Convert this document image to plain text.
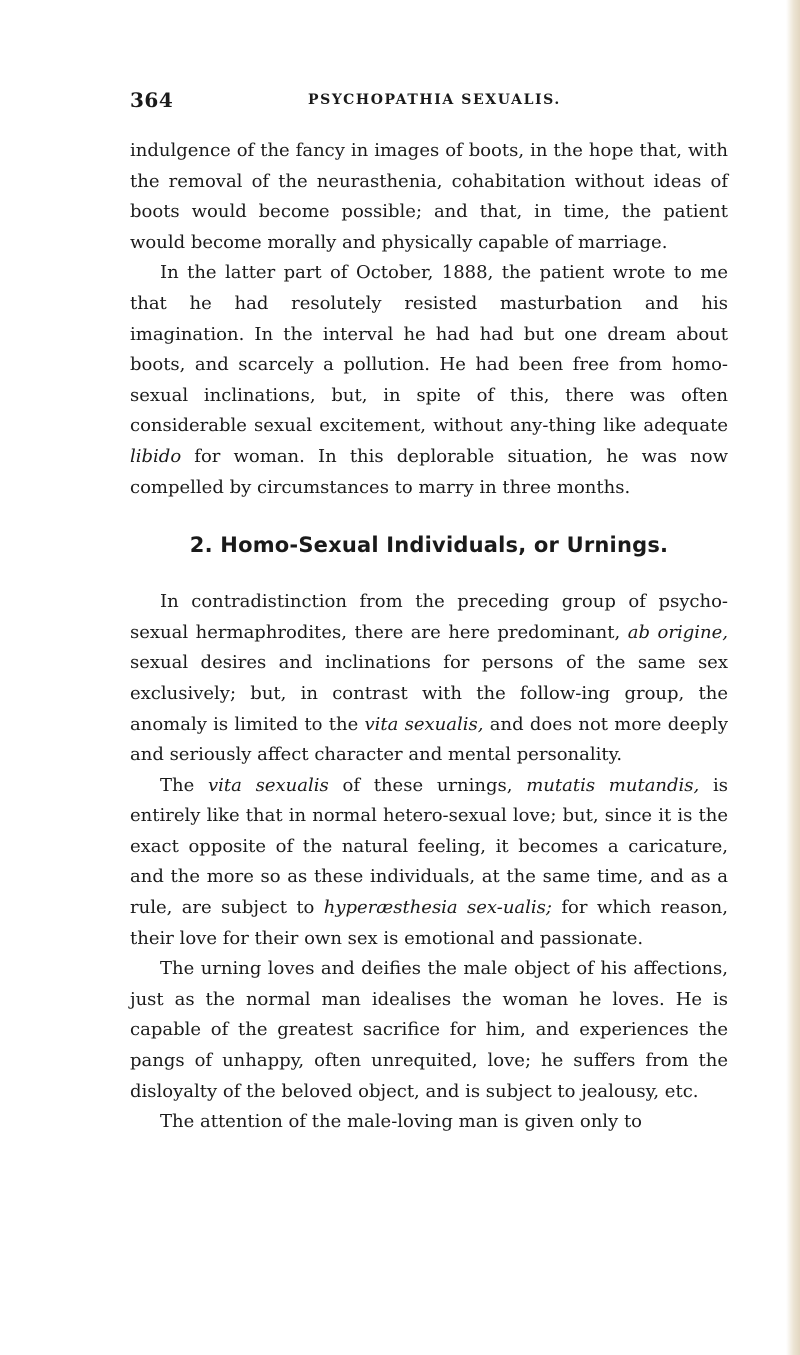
364	PSYCHOPATHIA SEXUALIS.

indulgence of the fancy in images of boots, in the hope that, with the removal of the neurasthenia, cohabitation without ideas of boots would become possible; and that, in time, the patient would become morally and physically capable of marriage.

In the latter part of October, 1888, the patient wrote to me that he had resolutely resisted masturbation and his imagination. In the interval he had had but one dream about boots, and scarcely a pollution. He had been free from homo-sexual inclinations, but, in spite of this, there was often considerable sexual excitement, without any-thing like adequate libido for woman. In this deplorable situation, he was now compelled by circumstances to marry in three months.

2. Homo-Sexual Individuals, or Urnings.

In contradistinction from the preceding group of psycho-sexual hermaphrodites, there are here predominant, ab origine, sexual desires and inclinations for persons of the same sex exclusively; but, in contrast with the follow-ing group, the anomaly is limited to the vita sexualis, and does not more deeply and seriously affect character and mental personality.

The vita sexualis of these urnings, mutatis mutandis, is entirely like that in normal hetero-sexual love; but, since it is the exact opposite of the natural feeling, it becomes a caricature, and the more so as these individuals, at the same time, and as a rule, are subject to hyperæsthesia sex-ualis; for which reason, their love for their own sex is emotional and passionate.

The urning loves and deifies the male object of his affections, just as the normal man idealises the woman he loves. He is capable of the greatest sacrifice for him, and experiences the pangs of unhappy, often unrequited, love; he suffers from the disloyalty of the beloved object, and is subject to jealousy, etc.

The attention of the male-loving man is given only to
